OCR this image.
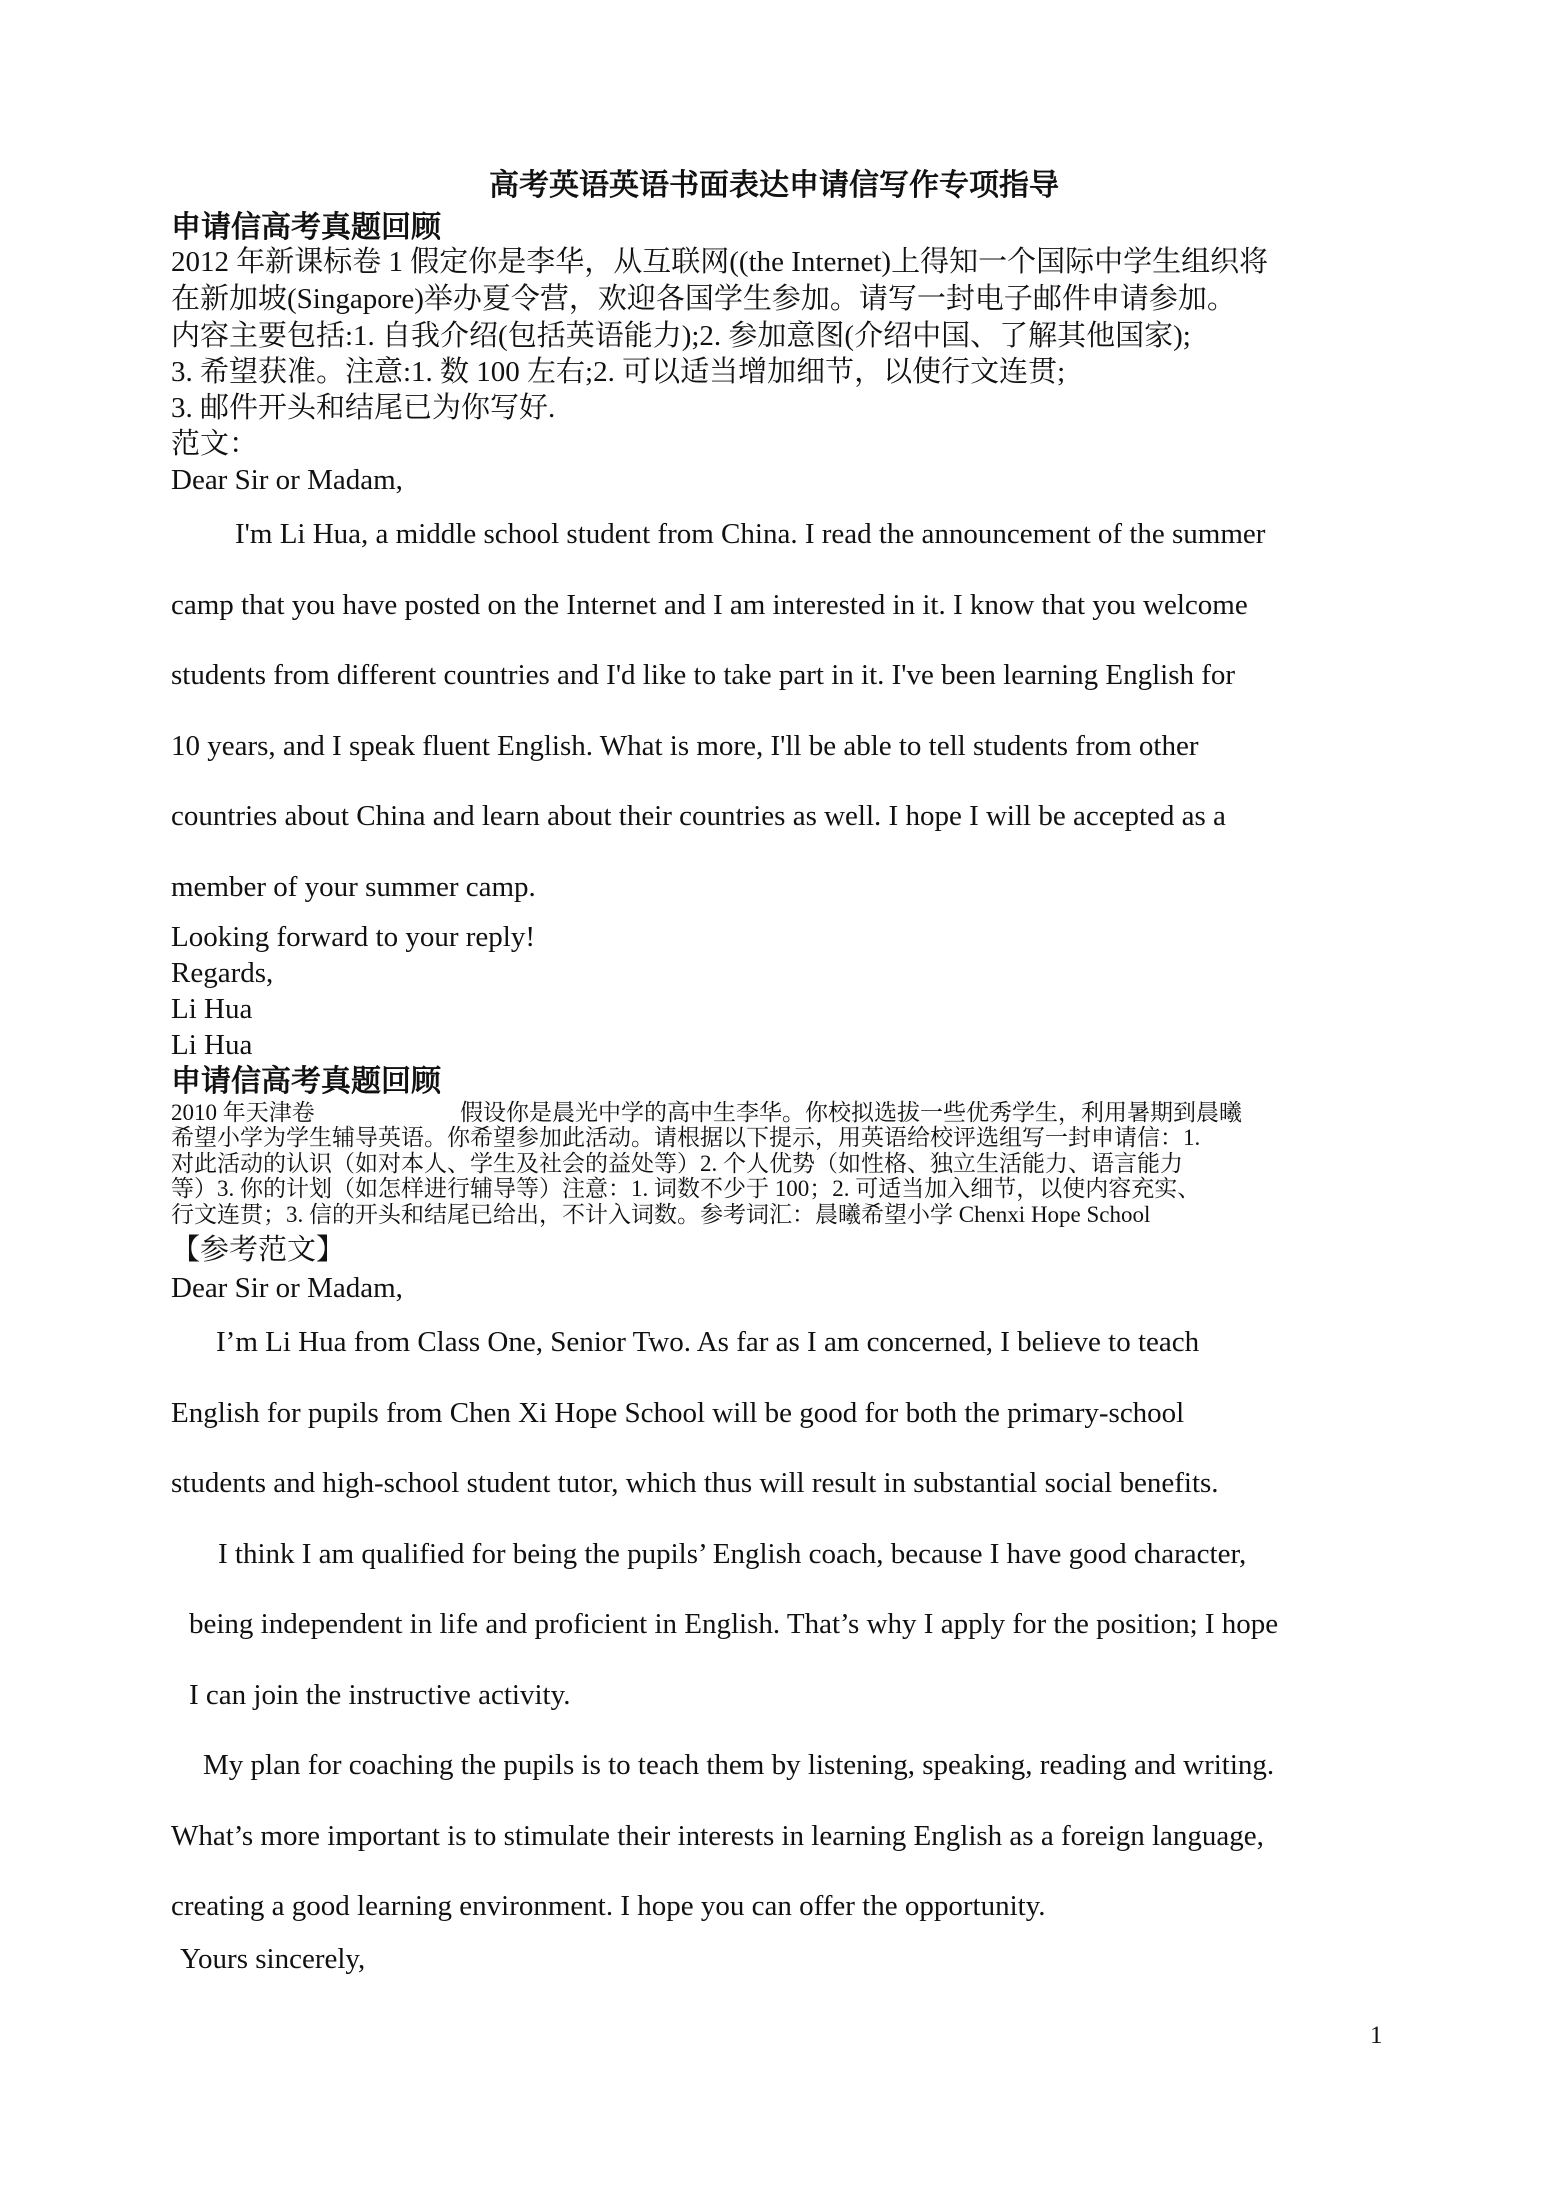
高考英语英语书面表达申请信写作专项指导
申请信高考真题回顾
2012 年新课标卷 1 假定你是李华，从互联网((the Internet)上得知一个国际中学生组织将
在新加坡(Singapore)举办夏令营，欢迎各国学生参加。请写一封电子邮件申请参加。
内容主要包括:1. 自我介绍(包括英语能力);2. 参加意图(介绍中国、了解其他国家);
3. 希望获准。注意:1. 数 100 左右;2. 可以适当增加细节，以使行文连贯;
3. 邮件开头和结尾已为你写好.
范文：
Dear Sir or Madam,
I'm Li Hua, a middle school student from China. I read the announcement of the summer
camp that you have posted on the Internet and I am interested in it. I know that you welcome
students from different countries and I'd like to take part in it. I've been learning English for
10 years, and I speak fluent English. What is more, I'll be able to tell students from other
countries about China and learn about their countries as well. I hope I will be accepted as a
member of your summer camp.
Looking forward to your reply!
Regards,
Li Hua
Li Hua
申请信高考真题回顾
2010 年天津卷	假设你是晨光中学的高中生李华。你校拟选拔一些优秀学生，利用暑期到晨曦
希望小学为学生辅导英语。你希望参加此活动。请根据以下提示，用英语给校评选组写一封申请信：1.
对此活动的认识（如对本人、学生及社会的益处等）2. 个人优势（如性格、独立生活能力、语言能力
等）3. 你的计划（如怎样进行辅导等）注意：1. 词数不少于 100；2. 可适当加入细节，以使内容充实、
行文连贯；3. 信的开头和结尾已给出，不计入词数。参考词汇：晨曦希望小学 Chenxi Hope School
【参考范文】
Dear Sir or Madam,
I’m Li Hua from Class One, Senior Two. As far as I am concerned, I believe to teach
English for pupils from Chen Xi Hope School will be good for both the primary-school
students and high-school student tutor, which thus will result in substantial social benefits.
I think I am qualified for being the pupils’ English coach, because I have good character,
being independent in life and proficient in English. That’s why I apply for the position; I hope
I can join the instructive activity.
My plan for coaching the pupils is to teach them by listening, speaking, reading and writing.
What’s more important is to stimulate their interests in learning English as a foreign language,
creating a good learning environment. I hope you can offer the opportunity.
Yours sincerely,
1
